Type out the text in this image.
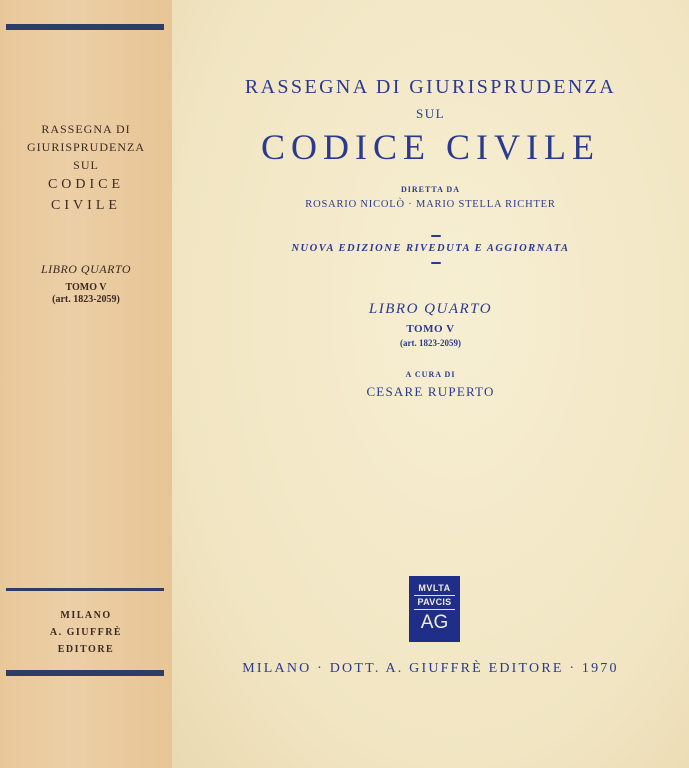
RASSEGNA DI
GIURISPRUDENZA
SUL
CODICE
CIVILE
LIBRO QUARTO
TOMO V
(art. 1823-2059)
MILANO
A. GIUFFRÈ
EDITORE
RASSEGNA DI GIURISPRUDENZA
SUL
CODICE CIVILE
DIRETTA DA
ROSARIO NICOLÒ · MARIO STELLA RICHTER
NUOVA EDIZIONE RIVEDUTA E AGGIORNATA
LIBRO QUARTO
TOMO V
(art. 1823-2059)
A CURA DI
CESARE RUPERTO
MVLTA
PAVCIS
AG
MILANO · DOTT. A. GIUFFRÈ EDITORE · 1970
